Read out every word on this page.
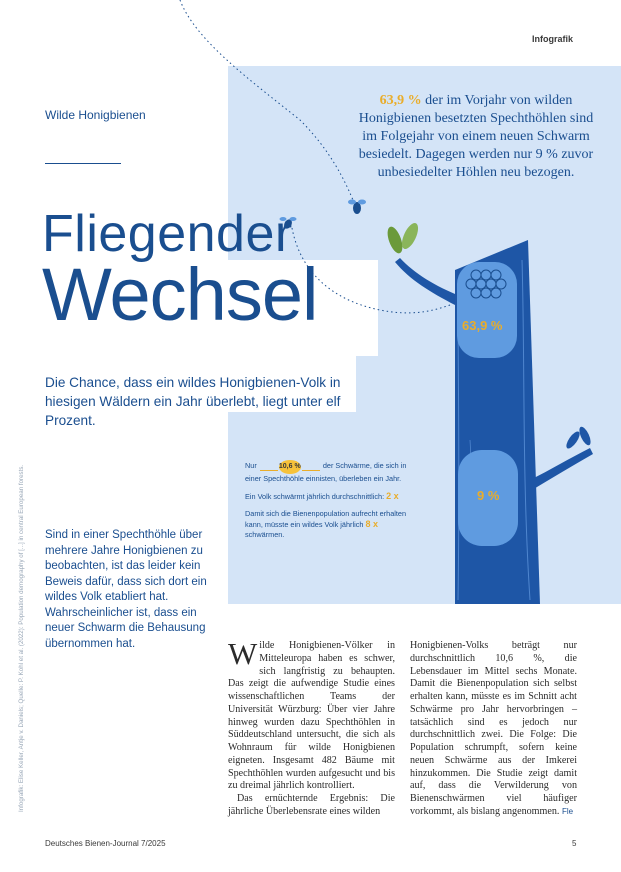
Infografik
63,9 %
9 %
Wilde Honigbienen
Fliegender
Wechsel
Die Chance, dass ein wildes Honigbienen-Volk in hiesigen Wäldern ein Jahr überlebt, liegt unter elf Prozent.
63,9 % der im Vorjahr von wilden Honigbienen besetzten Spechthöhlen sind im Folgejahr von einem neuen Schwarm besiedelt. Dagegen werden nur 9 % zuvor unbesiedelter Höhlen neu bezogen.
Infografik: Elise Keller, Antje v. Daniels; Quelle: P. Kohl et al. (2022): Population demography of [...] in central European forests. Sind in einer Spechthöhle über mehrere Jahre Honigbienen zu beobachten, ist das leider kein Beweis dafür, dass sich dort ein wildes Volk etabliert hat. Wahrscheinlicher ist, dass ein neuer Schwarm die Behausung übernommen hat.

Nur	10,6 %	der Schwärme, die sich in einer Spechthöhle einnisten, überleben ein Jahr.

Ein Volk schwärmt jährlich durchschnittlich: 2 x

Damit sich die Bienenpopulation aufrecht erhalten kann, müsste ein wildes Volk jährlich 8 x schwärmen.

Wilde Honigbienen-Völker in Mitteleuropa haben es schwer, sich langfristig zu behaupten. Das zeigt die aufwendige Studie eines wissenschaftlichen Teams der Universität Würzburg: Über vier Jahre hinweg wurden dazu Spechthöhlen in Süddeutschland untersucht, die sich als Wohnraum für wilde Honigbienen eigneten. Insgesamt 482 Bäume mit Spechthöhlen wurden aufgesucht und bis zu dreimal jährlich kontrolliert.

Das ernüchternde Ergebnis: Die jährliche Überlebensrate eines wilden

Honigbienen-Volks beträgt nur durchschnittlich 10,6 %, die Lebensdauer im Mittel sechs Monate. Damit die Bienenpopulation sich selbst erhalten kann, müsste es im Schnitt acht Schwärme pro Jahr hervorbringen – tatsächlich sind es jedoch nur durchschnittlich zwei. Die Folge: Die Population schrumpft, sofern keine neuen Schwärme aus der Imkerei hinzukommen. Die Studie zeigt damit auf, dass die Verwilderung von Bienenschwärmen viel häufiger vorkommt, als bislang angenommen. Fle

Deutsches Bienen-Journal 7/2025	5
